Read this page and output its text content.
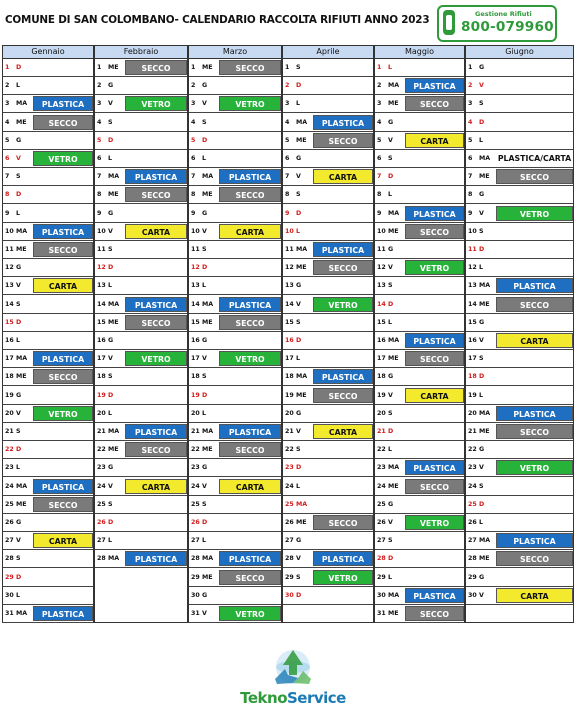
COMUNE DI SAN COLOMBANO- CALENDARIO RACCOLTA RIFIUTI ANNO 2023	Gestione Rifiuti
800-079960
Gennaio
1 D
2 L
3 MA	PLASTICA
4 ME	SECCO
5 G
6 V	VETRO
7 S
8 D
9 L
10 MA	PLASTICA
11 ME	SECCO
12 G
13 V	CARTA
14 S
15 D
16 L
17 MA	PLASTICA
18 ME	SECCO
19 G
20 V	VETRO
21 S
22 D
23 L
24 MA	PLASTICA
25 ME	SECCO
26 G
27 V	CARTA
28 S
29 D
30 L
31 MA	PLASTICA
Febbraio
1 ME	SECCO
2 G
3 V	VETRO
4 S
5 D
6 L
7 MA	PLASTICA
8 ME	SECCO
9 G
10 V	CARTA
11 S
12 D
13 L
14 MA	PLASTICA
15 ME	SECCO
16 G
17 V	VETRO
18 S
19 D
20 L
21 MA	PLASTICA
22 ME	SECCO
23 G
24 V	CARTA
25 S
26 D
27 L
28 MA	PLASTICA
Marzo
1 ME	SECCO
2 G
3 V	VETRO
4 S
5 D
6 L
7 MA	PLASTICA
8 ME	SECCO
9 G
10 V	CARTA
11 S
12 D
13 L
14 MA	PLASTICA
15 ME	SECCO
16 G
17 V	VETRO
18 S
19 D
20 L
21 MA	PLASTICA
22 ME	SECCO
23 G
24 V	CARTA
25 S
26 D
27 L
28 MA	PLASTICA
29 ME	SECCO
30 G
31 V	VETRO
Aprile
1 S
2 D
3 L
4 MA	PLASTICA
5 ME	SECCO
6 G
7 V	CARTA
8 S
9 D
10 L
11 MA	PLASTICA
12 ME	SECCO
13 G
14 V	VETRO
15 S
16 D
17 L
18 MA	PLASTICA
19 ME	SECCO
20 G
21 V	CARTA
22 S
23 D
24 L
25 MA
26 ME	SECCO
27 G
28 V	PLASTICA
29 S	VETRO
30 D
Maggio
1 L
2 MA	PLASTICA
3 ME	SECCO
4 G
5 V	CARTA
6 S
7 D
8 L
9 MA	PLASTICA
10 ME	SECCO
11 G
12 V	VETRO
13 S
14 D
15 L
16 MA	PLASTICA
17 ME	SECCO
18 G
19 V	CARTA
20 S
21 D
22 L
23 MA	PLASTICA
24 ME	SECCO
25 G
26 V	VETRO
27 S
28 D
29 L
30 MA	PLASTICA
31 ME	SECCO
Giugno
1 G
2 V
3 S
4 D
5 L
6 MA PLASTICA/CARTA
7 ME	SECCO
8 G
9 V	VETRO
10 S
11 D
12 L
13 MA	PLASTICA
14 ME	SECCO
15 G
16 V	CARTA
17 S
18 D
19 L
20 MA	PLASTICA
21 ME	SECCO
22 G
23 V	VETRO
24 S
25 D
26 L
27 MA	PLASTICA
28 ME	SECCO
29 G
30 V	CARTA
TeknoService
